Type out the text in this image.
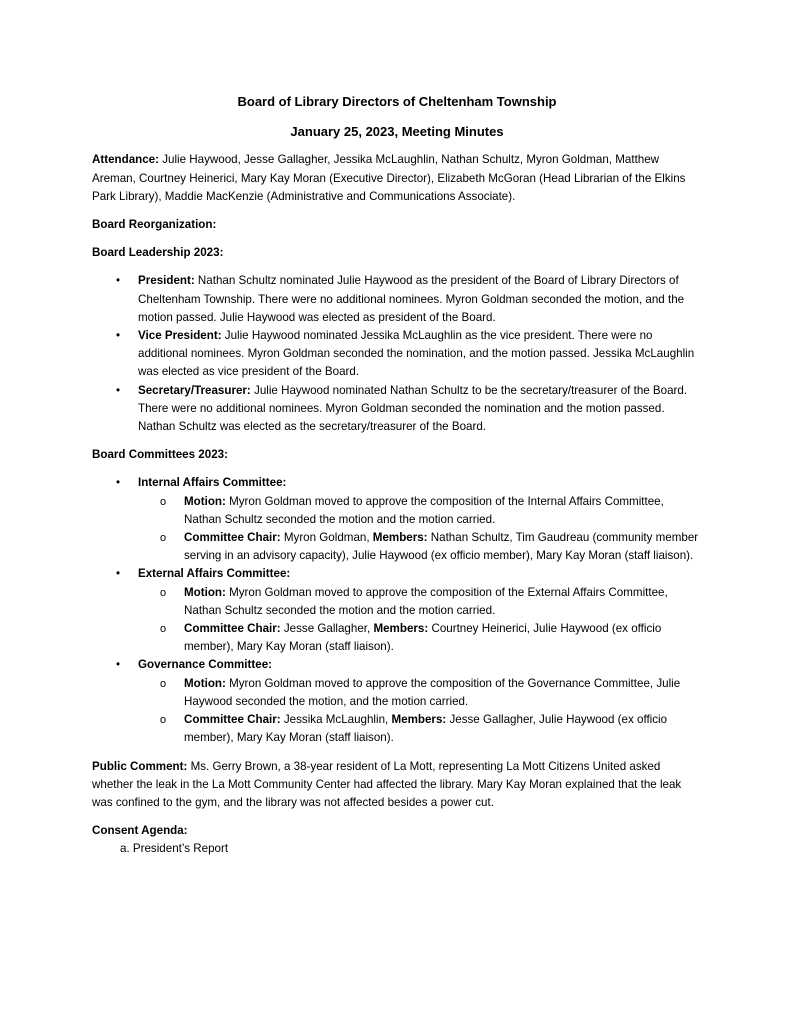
Board of Library Directors of Cheltenham Township
January 25, 2023, Meeting Minutes

Attendance: Julie Haywood, Jesse Gallagher, Jessika McLaughlin, Nathan Schultz, Myron Goldman, Matthew Areman, Courtney Heinerici, Mary Kay Moran (Executive Director), Elizabeth McGoran (Head Librarian of the Elkins Park Library), Maddie MacKenzie (Administrative and Communications Associate).

Board Reorganization:

Board Leadership 2023:

• President: Nathan Schultz nominated Julie Haywood as the president of the Board of Library Directors of Cheltenham Township. There were no additional nominees. Myron Goldman seconded the motion, and the motion passed. Julie Haywood was elected as president of the Board.
• Vice President: Julie Haywood nominated Jessika McLaughlin as the vice president. There were no additional nominees. Myron Goldman seconded the nomination, and the motion passed. Jessika McLaughlin was elected as vice president of the Board.
• Secretary/Treasurer: Julie Haywood nominated Nathan Schultz to be the secretary/treasurer of the Board. There were no additional nominees. Myron Goldman seconded the nomination and the motion passed. Nathan Schultz was elected as the secretary/treasurer of the Board.

Board Committees 2023:

• Internal Affairs Committee:
o Motion: Myron Goldman moved to approve the composition of the Internal Affairs Committee, Nathan Schultz seconded the motion and the motion carried.
o Committee Chair: Myron Goldman, Members: Nathan Schultz, Tim Gaudreau (community member serving in an advisory capacity), Julie Haywood (ex officio member), Mary Kay Moran (staff liaison).
• External Affairs Committee:
o Motion: Myron Goldman moved to approve the composition of the External Affairs Committee, Nathan Schultz seconded the motion and the motion carried.
o Committee Chair: Jesse Gallagher, Members: Courtney Heinerici, Julie Haywood (ex officio member), Mary Kay Moran (staff liaison).
• Governance Committee:
o Motion: Myron Goldman moved to approve the composition of the Governance Committee, Julie Haywood seconded the motion, and the motion carried.
o Committee Chair: Jessika McLaughlin, Members: Jesse Gallagher, Julie Haywood (ex officio member), Mary Kay Moran (staff liaison).

Public Comment: Ms. Gerry Brown, a 38-year resident of La Mott, representing La Mott Citizens United asked whether the leak in the La Mott Community Center had affected the library. Mary Kay Moran explained that the leak was confined to the gym, and the library was not affected besides a power cut.

Consent Agenda:

a. President’s Report
